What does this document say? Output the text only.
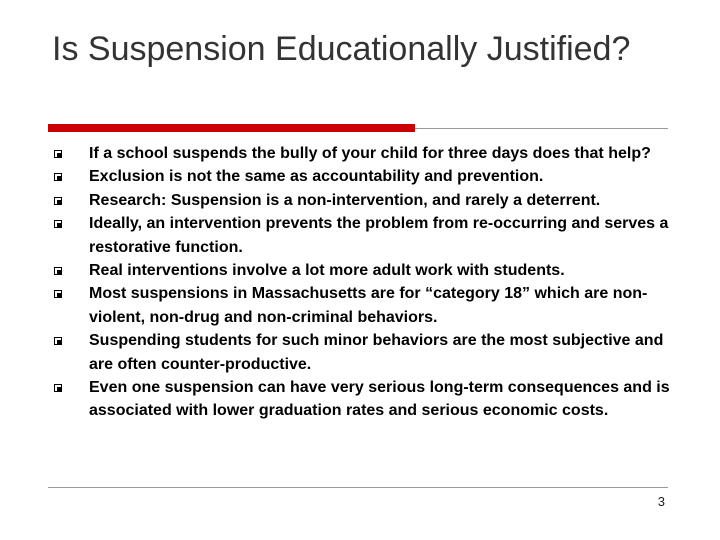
Is Suspension Educationally Justified?
If a school suspends the bully of your child for three days does that help?
Exclusion is not the same as accountability and prevention.
Research: Suspension is a non-intervention, and rarely a deterrent.
Ideally, an intervention prevents the problem from re-occurring and serves a restorative function.
Real interventions involve a lot more adult work with students.
Most suspensions in Massachusetts are for “category 18” which are non-violent, non-drug and non-criminal behaviors.
Suspending students for such minor behaviors are the most subjective and are often counter-productive.
Even one suspension can have very serious long-term consequences and is associated with lower graduation rates and serious economic costs.
3
